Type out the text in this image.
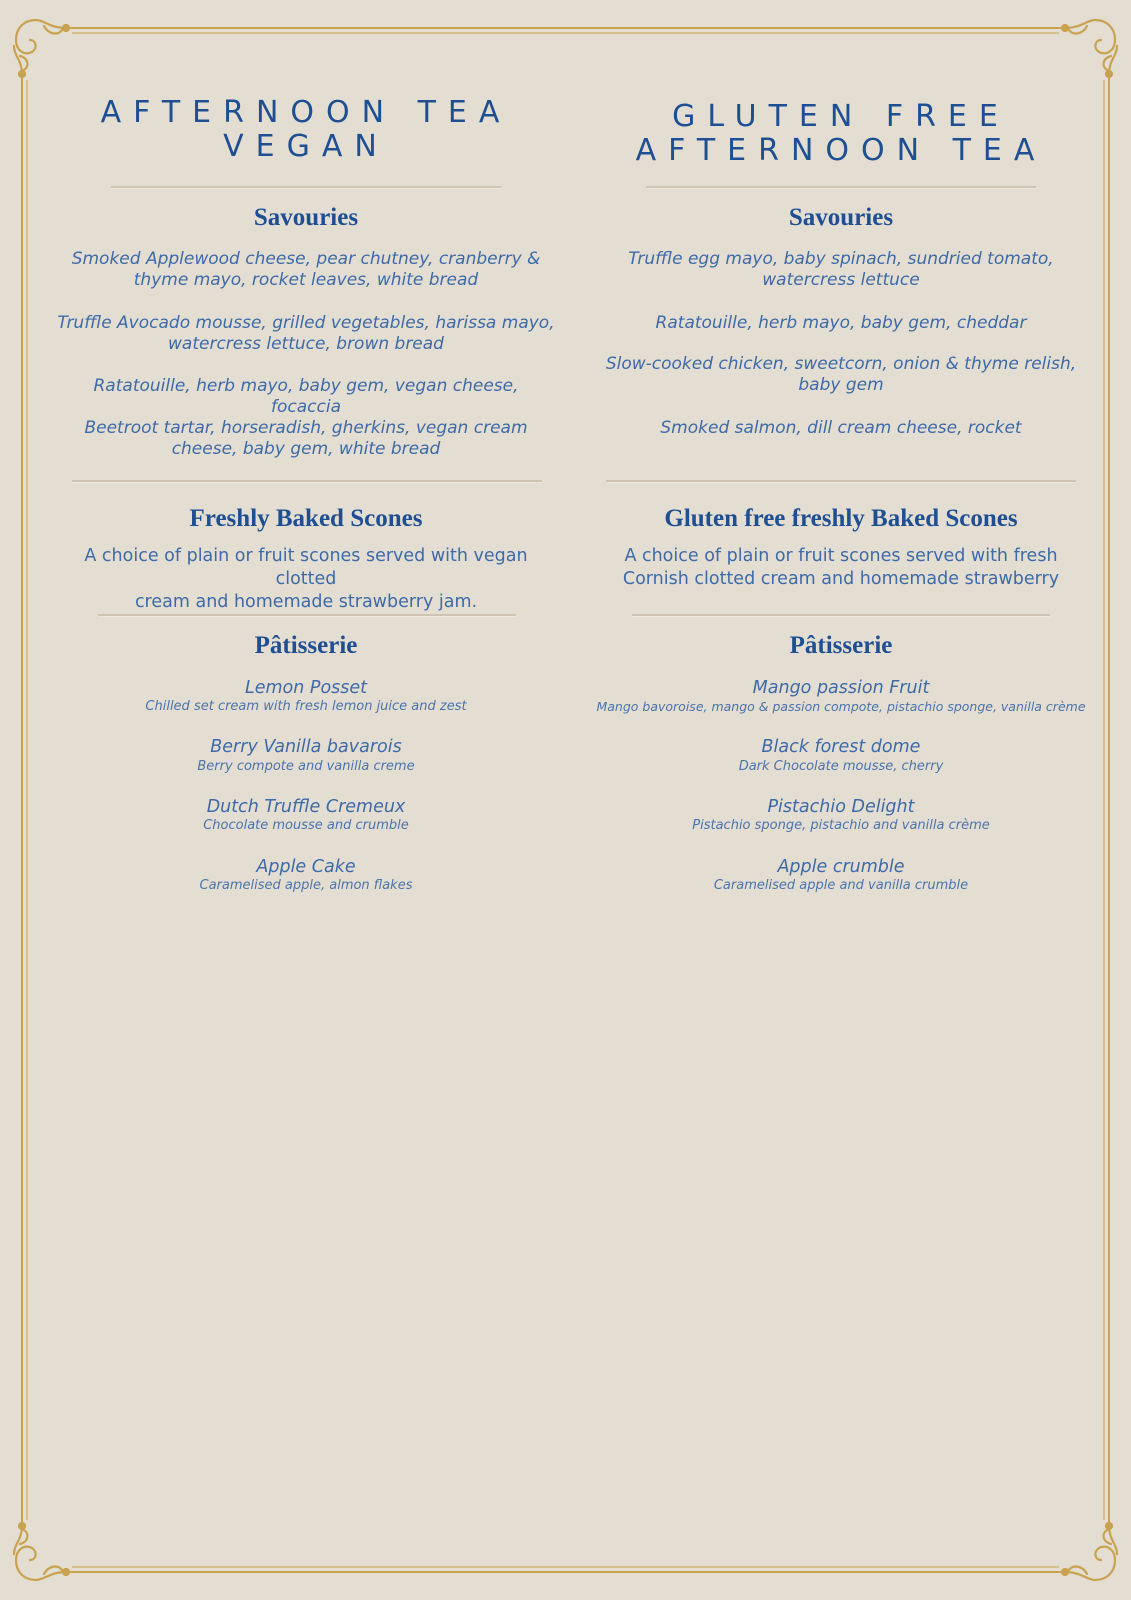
AFTERNOON TEA
VEGAN
Savouries

Smoked Applewood cheese, pear chutney, cranberry &
thyme mayo, rocket leaves, white bread

Truffle Avocado mousse, grilled vegetables, harissa mayo,
watercress lettuce, brown bread

Ratatouille, herb mayo, baby gem, vegan cheese, focaccia

Beetroot tartar, horseradish, gherkins, vegan cream
cheese, baby gem, white bread

Freshly Baked Scones

A choice of plain or fruit scones served with vegan clotted
cream and homemade strawberry jam.

Pâtisserie

Lemon Posset

Chilled set cream with fresh lemon juice and zest

Berry Vanilla bavarois

Berry compote and vanilla creme

Dutch Truffle Cremeux

Chocolate mousse and crumble

Apple Cake

Caramelised apple, almon flakes

GLUTEN FREE
AFTERNOON TEA
Savouries

Truffle egg mayo, baby spinach, sundried tomato,
watercress lettuce

Ratatouille, herb mayo, baby gem, cheddar

Slow-cooked chicken, sweetcorn, onion & thyme relish,
baby gem

Smoked salmon, dill cream cheese, rocket

Gluten free freshly Baked Scones

A choice of plain or fruit scones served with fresh
Cornish clotted cream and homemade strawberry

Pâtisserie

Mango passion Fruit

Mango bavoroise, mango & passion compote, pistachio sponge, vanilla crème

Black forest dome

Dark Chocolate mousse, cherry

Pistachio Delight

Pistachio sponge, pistachio and vanilla crème

Apple crumble

Caramelised apple and vanilla crumble
